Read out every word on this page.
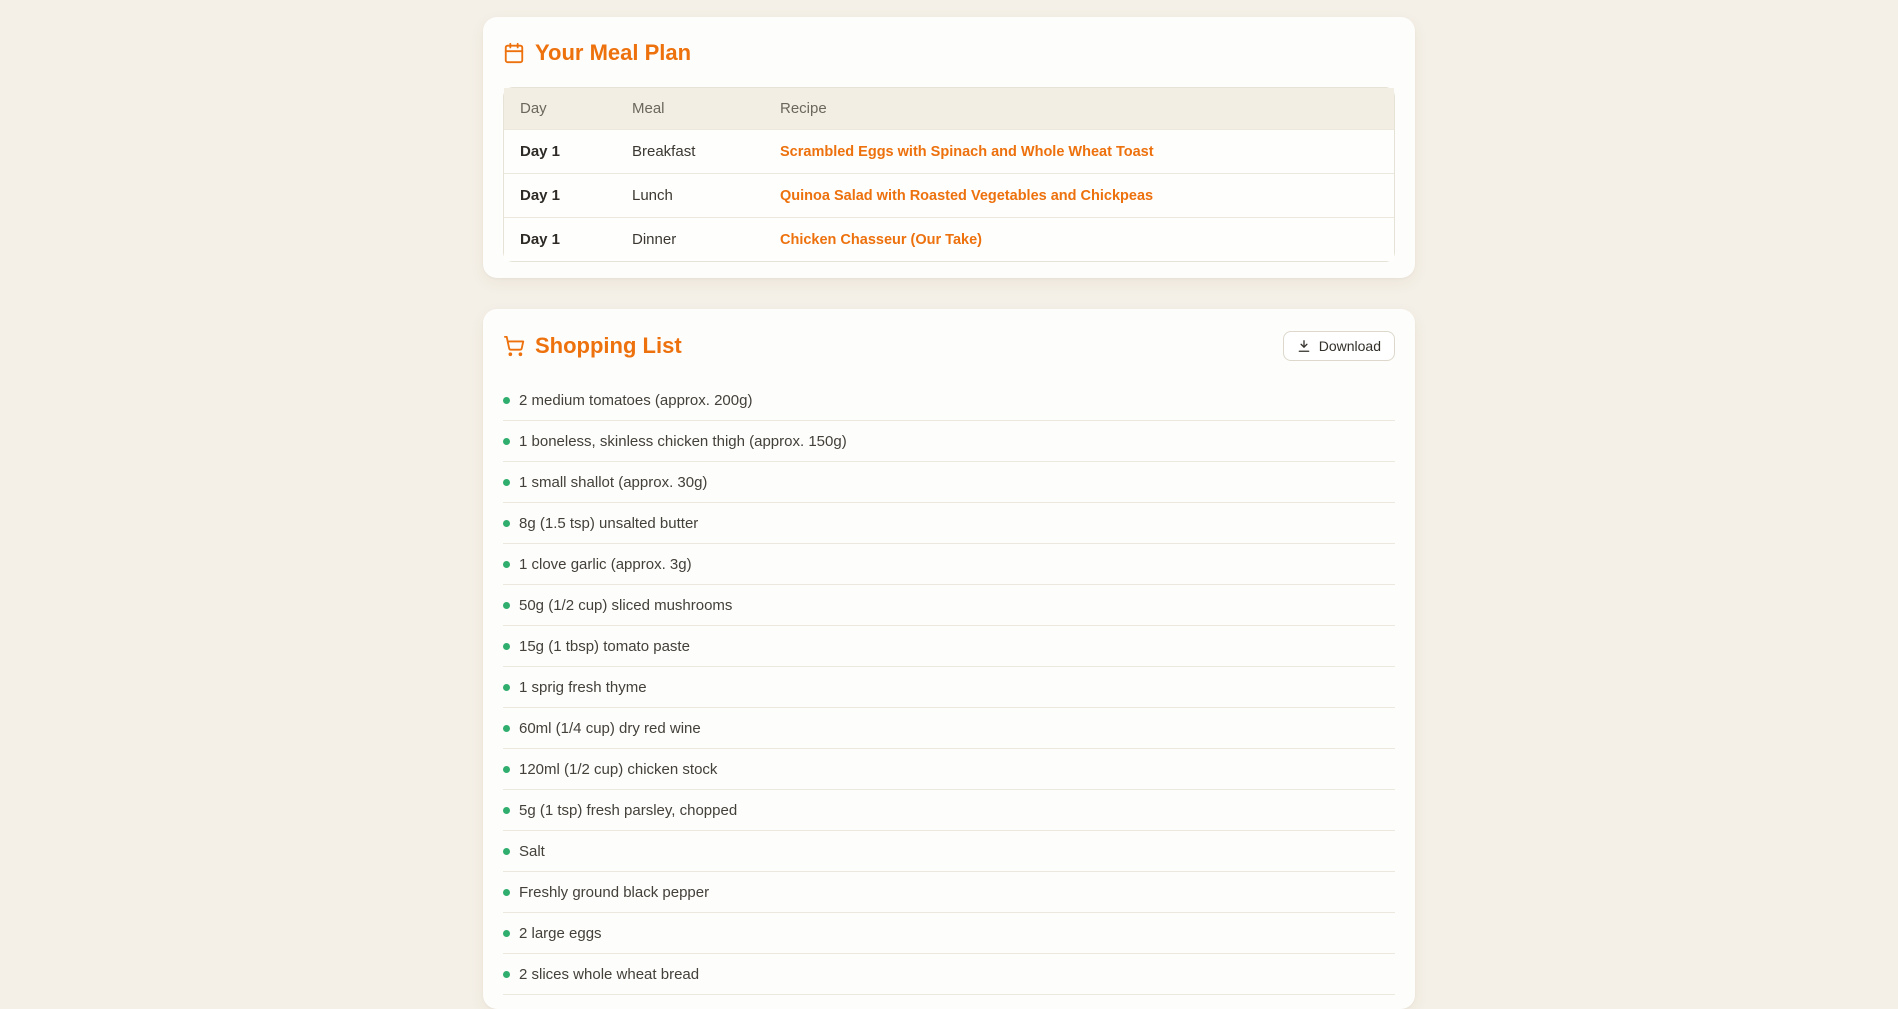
Your Meal Plan
Day	Meal	Recipe
Day 1	Breakfast	Scrambled Eggs with Spinach and Whole Wheat Toast
Day 1	Lunch	Quinoa Salad with Roasted Vegetables and Chickpeas
Day 1	Dinner	Chicken Chasseur (Our Take)
Shopping List	Download
2 medium tomatoes (approx. 200g)
1 boneless, skinless chicken thigh (approx. 150g)
1 small shallot (approx. 30g)
8g (1.5 tsp) unsalted butter
1 clove garlic (approx. 3g)
50g (1/2 cup) sliced mushrooms
15g (1 tbsp) tomato paste
1 sprig fresh thyme
60ml (1/4 cup) dry red wine
120ml (1/2 cup) chicken stock
5g (1 tsp) fresh parsley, chopped
Salt
Freshly ground black pepper
2 large eggs
2 slices whole wheat bread
